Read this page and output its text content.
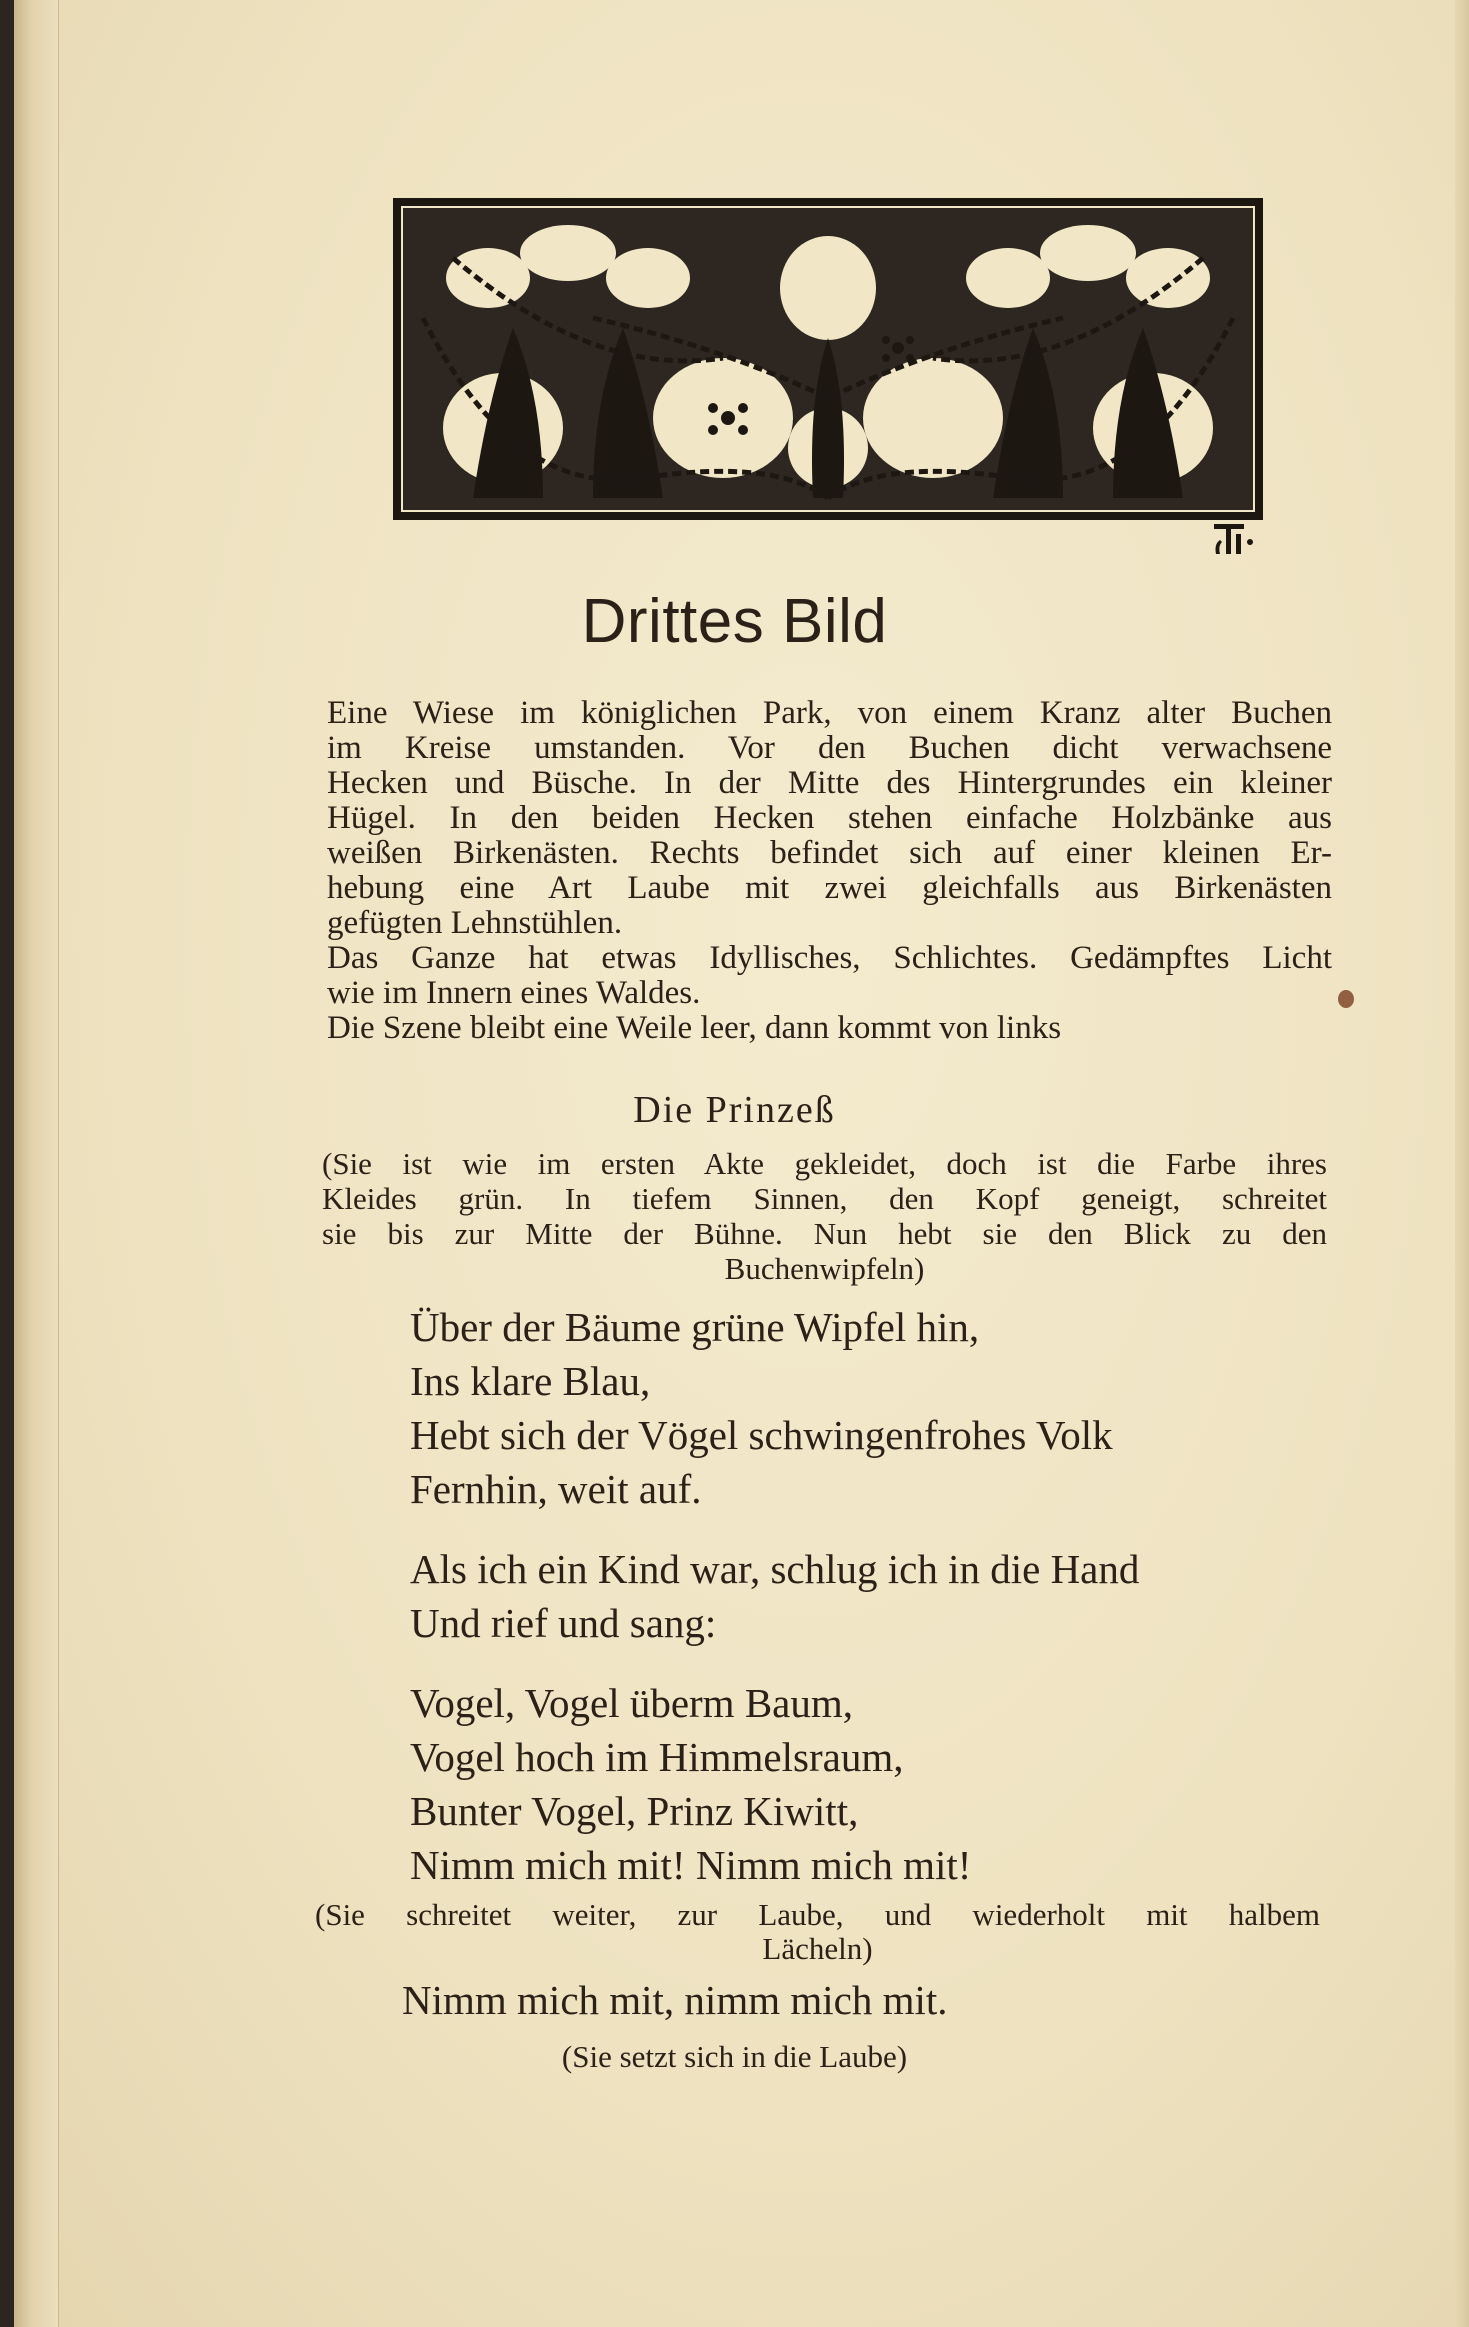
Drittes Bild
Eine Wiese im königlichen Park, von einem Kranz alter Buchen
im Kreise umstanden. Vor den Buchen dicht verwachsene
Hecken und Büsche. In der Mitte des Hintergrundes ein kleiner
Hügel. In den beiden Hecken stehen einfache Holzbänke aus
weißen Birkenästen. Rechts befindet sich auf einer kleinen Er-
hebung eine Art Laube mit zwei gleichfalls aus Birkenästen
gefügten Lehnstühlen.
Das Ganze hat etwas Idyllisches, Schlichtes. Gedämpftes Licht
wie im Innern eines Waldes.
Die Szene bleibt eine Weile leer, dann kommt von links
Die Prinzeß
(Sie ist wie im ersten Akte gekleidet, doch ist die Farbe ihres
Kleides grün. In tiefem Sinnen, den Kopf geneigt, schreitet
sie bis zur Mitte der Bühne. Nun hebt sie den Blick zu den
Buchenwipfeln)
Über der Bäume grüne Wipfel hin,
Ins klare Blau,
Hebt sich der Vögel schwingenfrohes Volk
Fernhin, weit auf.
Als ich ein Kind war, schlug ich in die Hand
Und rief und sang:
Vogel, Vogel überm Baum,
Vogel hoch im Himmelsraum,
Bunter Vogel, Prinz Kiwitt,
Nimm mich mit! Nimm mich mit!
(Sie schreitet weiter, zur Laube, und wiederholt mit halbem
Lächeln)
Nimm mich mit, nimm mich mit.
(Sie setzt sich in die Laube)
